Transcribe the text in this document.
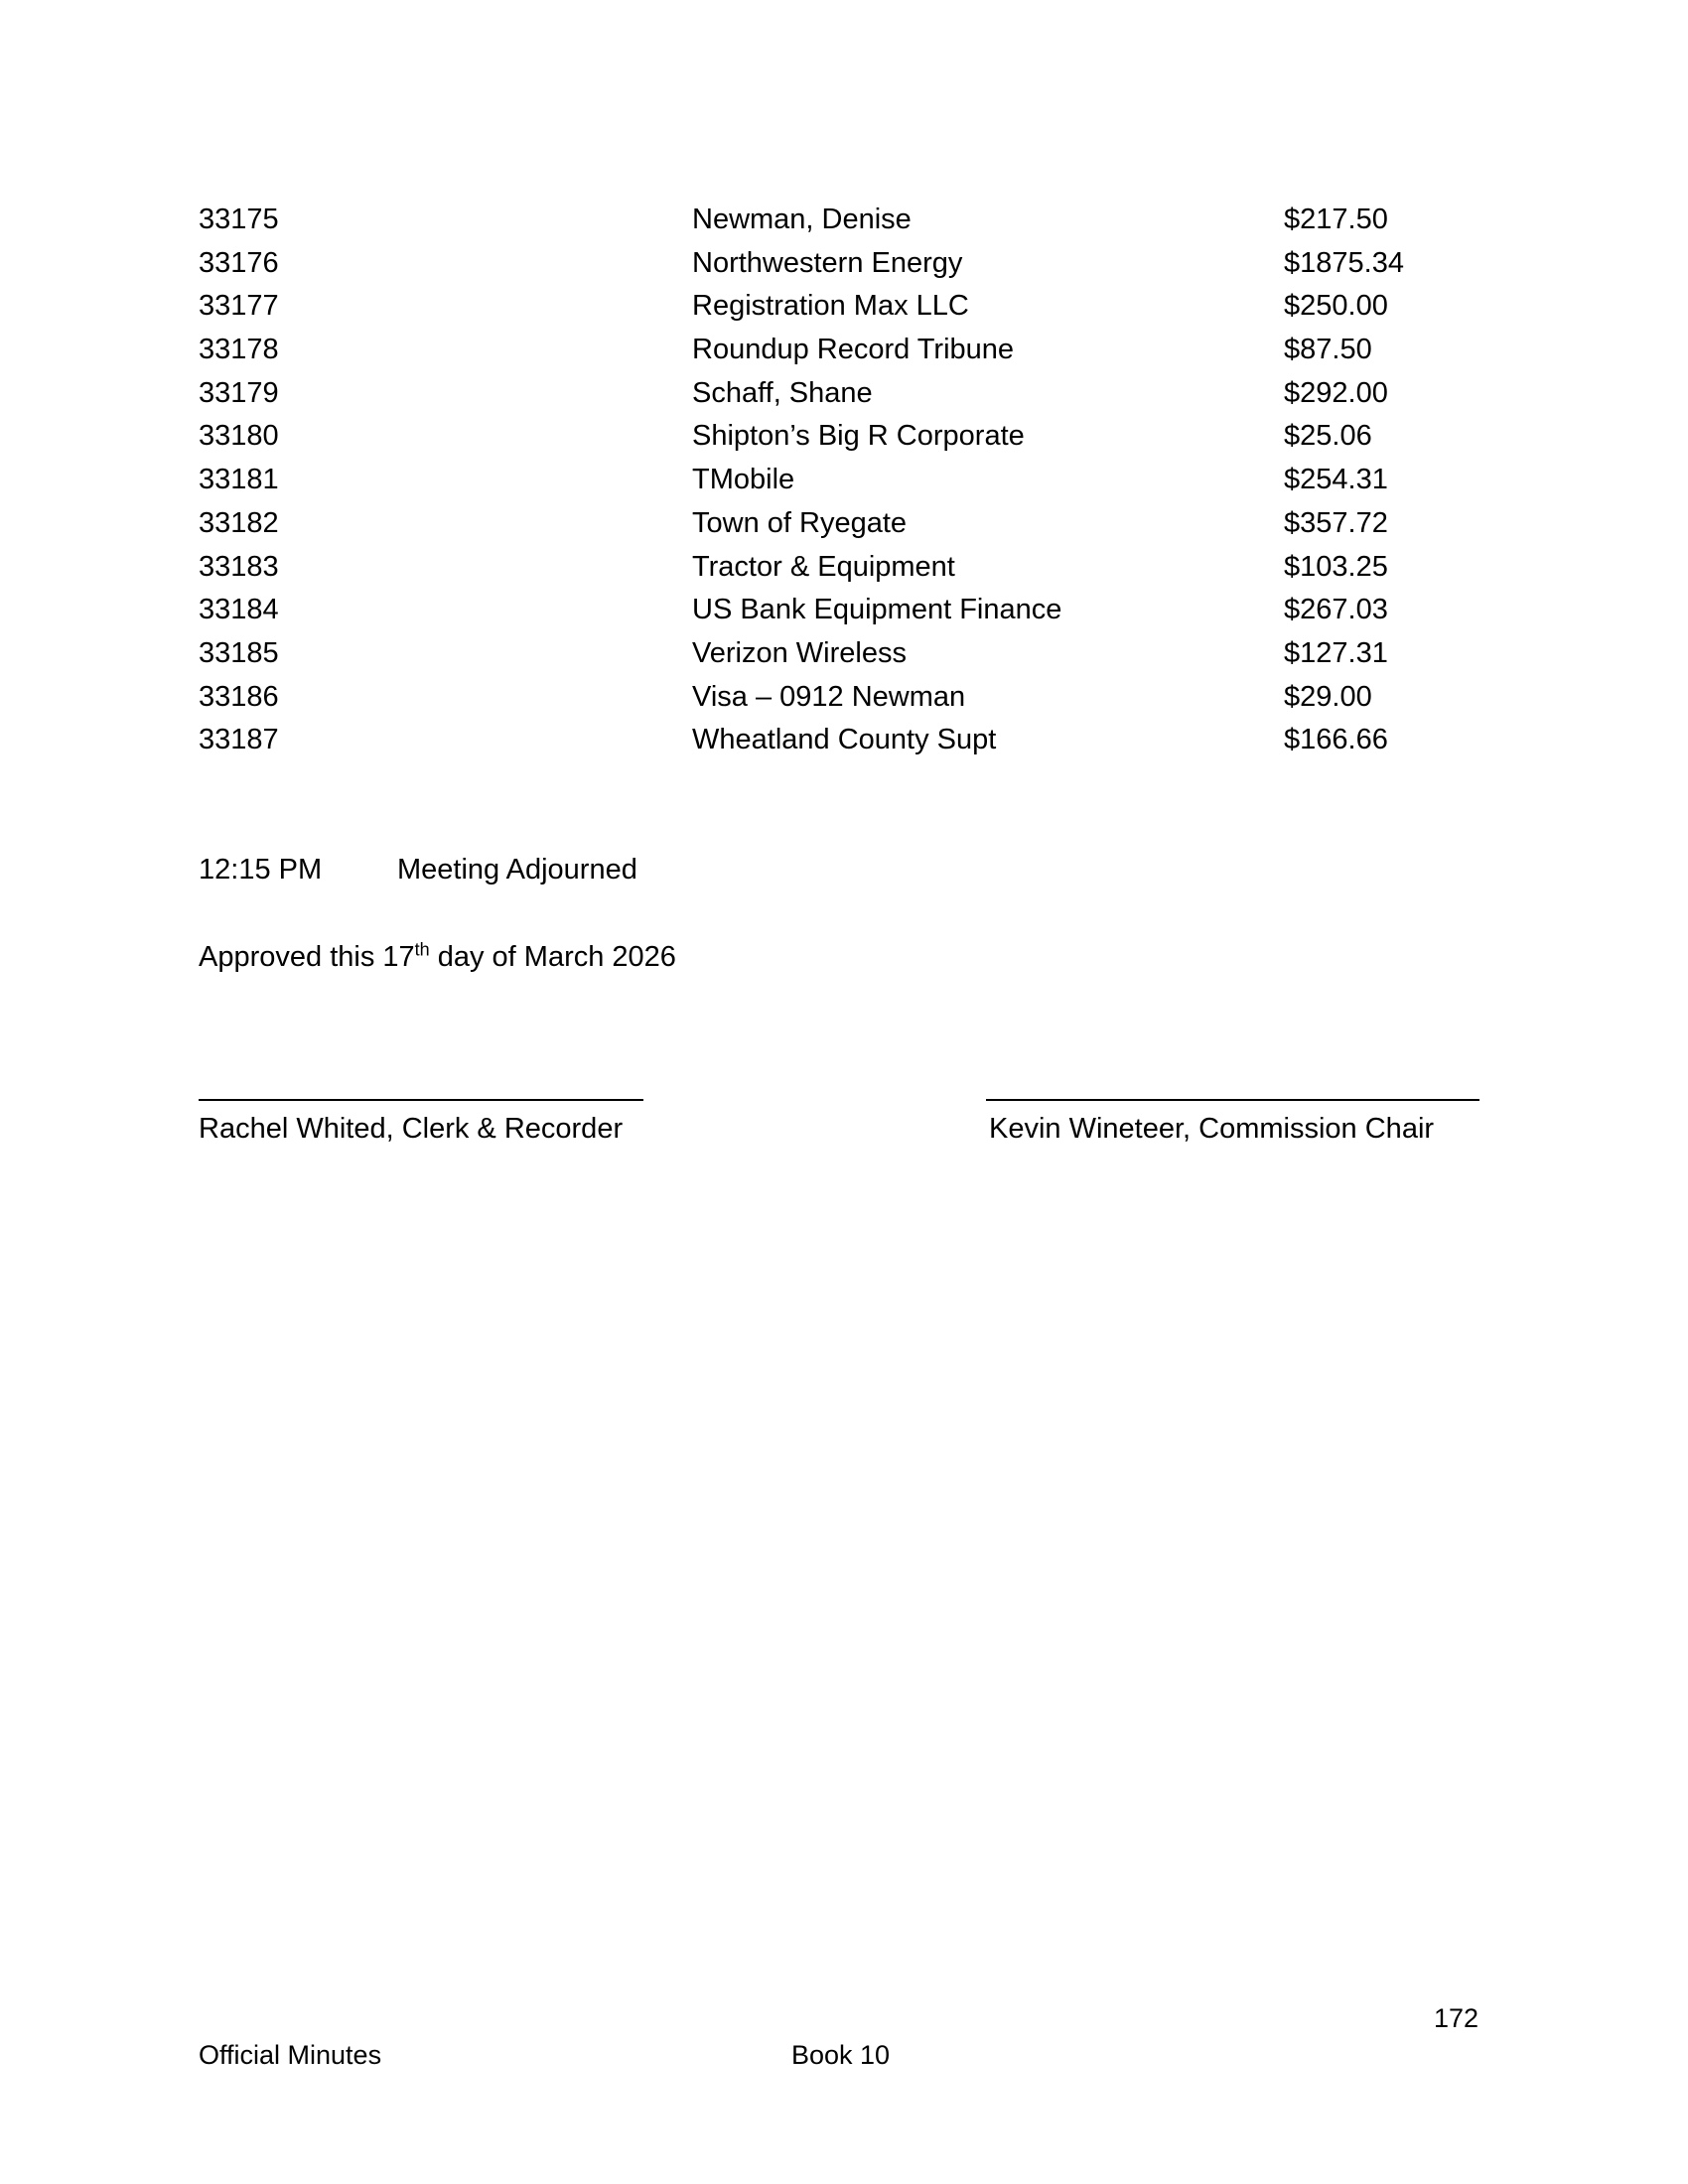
33175	Newman, Denise	$217.50
33176	Northwestern Energy	$1875.34
33177	Registration Max LLC	$250.00
33178	Roundup Record Tribune	$87.50
33179	Schaff, Shane	$292.00
33180	Shipton’s Big R Corporate	$25.06
33181	TMobile	$254.31
33182	Town of Ryegate	$357.72
33183	Tractor & Equipment	$103.25
33184	US Bank Equipment Finance	$267.03
33185	Verizon Wireless	$127.31
33186	Visa – 0912 Newman	$29.00
33187	Wheatland County Supt	$166.66
12:15 PM	Meeting Adjourned
Approved this 17th day of March 2026
Rachel Whited, Clerk & Recorder	Kevin Wineteer, Commission Chair
172
Official Minutes	Book 10
